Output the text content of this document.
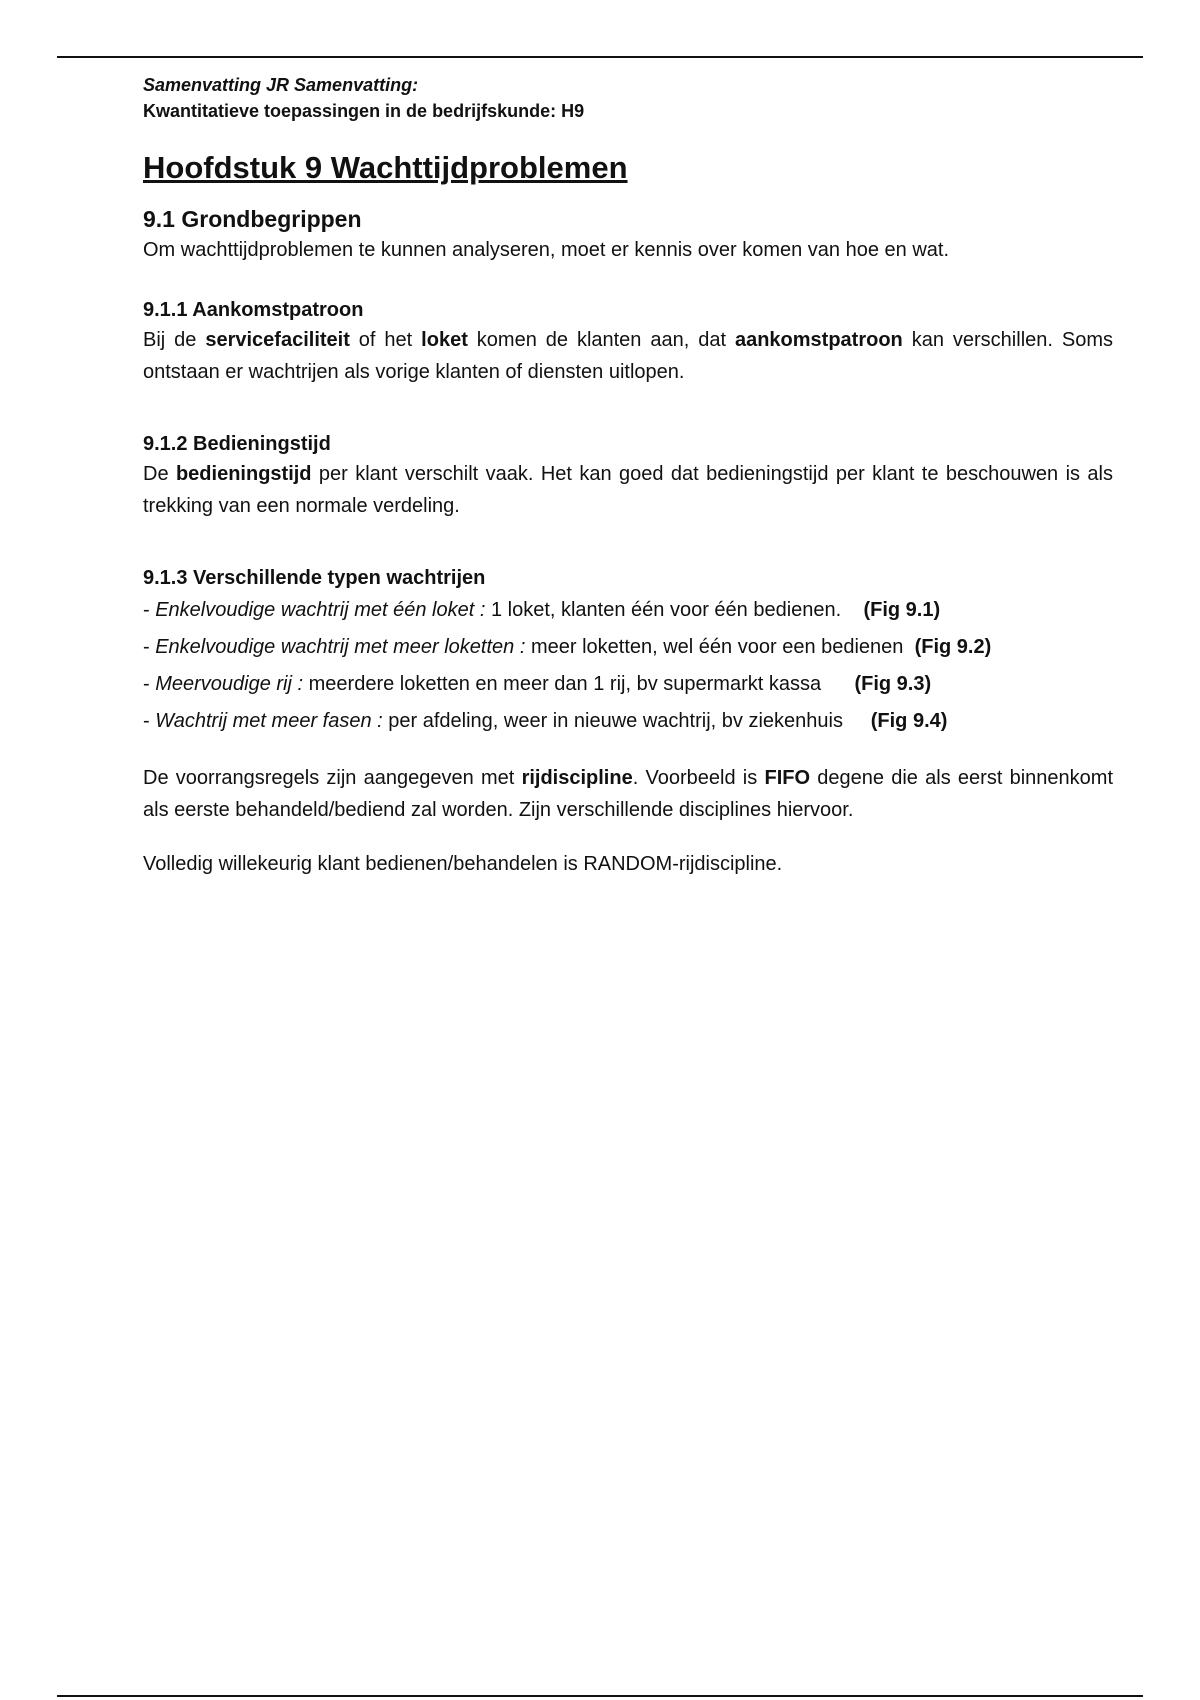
Samenvatting JR Samenvatting:
Kwantitatieve toepassingen in de bedrijfskunde: H9
Hoofdstuk 9 Wachttijdproblemen
9.1 Grondbegrippen

Om wachttijdproblemen te kunnen analyseren, moet er kennis over komen van hoe en wat.

9.1.1 Aankomstpatroon

Bij de servicefaciliteit of het loket komen de klanten aan, dat aankomstpatroon kan verschillen. Soms ontstaan er wachtrijen als vorige klanten of diensten uitlopen.

9.1.2 Bedieningstijd

De bedieningstijd per klant verschilt vaak. Het kan goed dat bedieningstijd per klant te beschouwen is als trekking van een normale verdeling.

9.1.3 Verschillende typen wachtrijen
- Enkelvoudige wachtrij met één loket : 1 loket, klanten één voor één bedienen. (Fig 9.1)
- Enkelvoudige wachtrij met meer loketten : meer loketten, wel één voor een bedienen (Fig 9.2)
- Meervoudige rij : meerdere loketten en meer dan 1 rij, bv supermarkt kassa (Fig 9.3)
- Wachtrij met meer fasen : per afdeling, weer in nieuwe wachtrij, bv ziekenhuis (Fig 9.4)

De voorrangsregels zijn aangegeven met rijdiscipline. Voorbeeld is FIFO degene die als eerst binnenkomt als eerste behandeld/bediend zal worden. Zijn verschillende disciplines hiervoor.

Volledig willekeurig klant bedienen/behandelen is RANDOM-rijdiscipline.
